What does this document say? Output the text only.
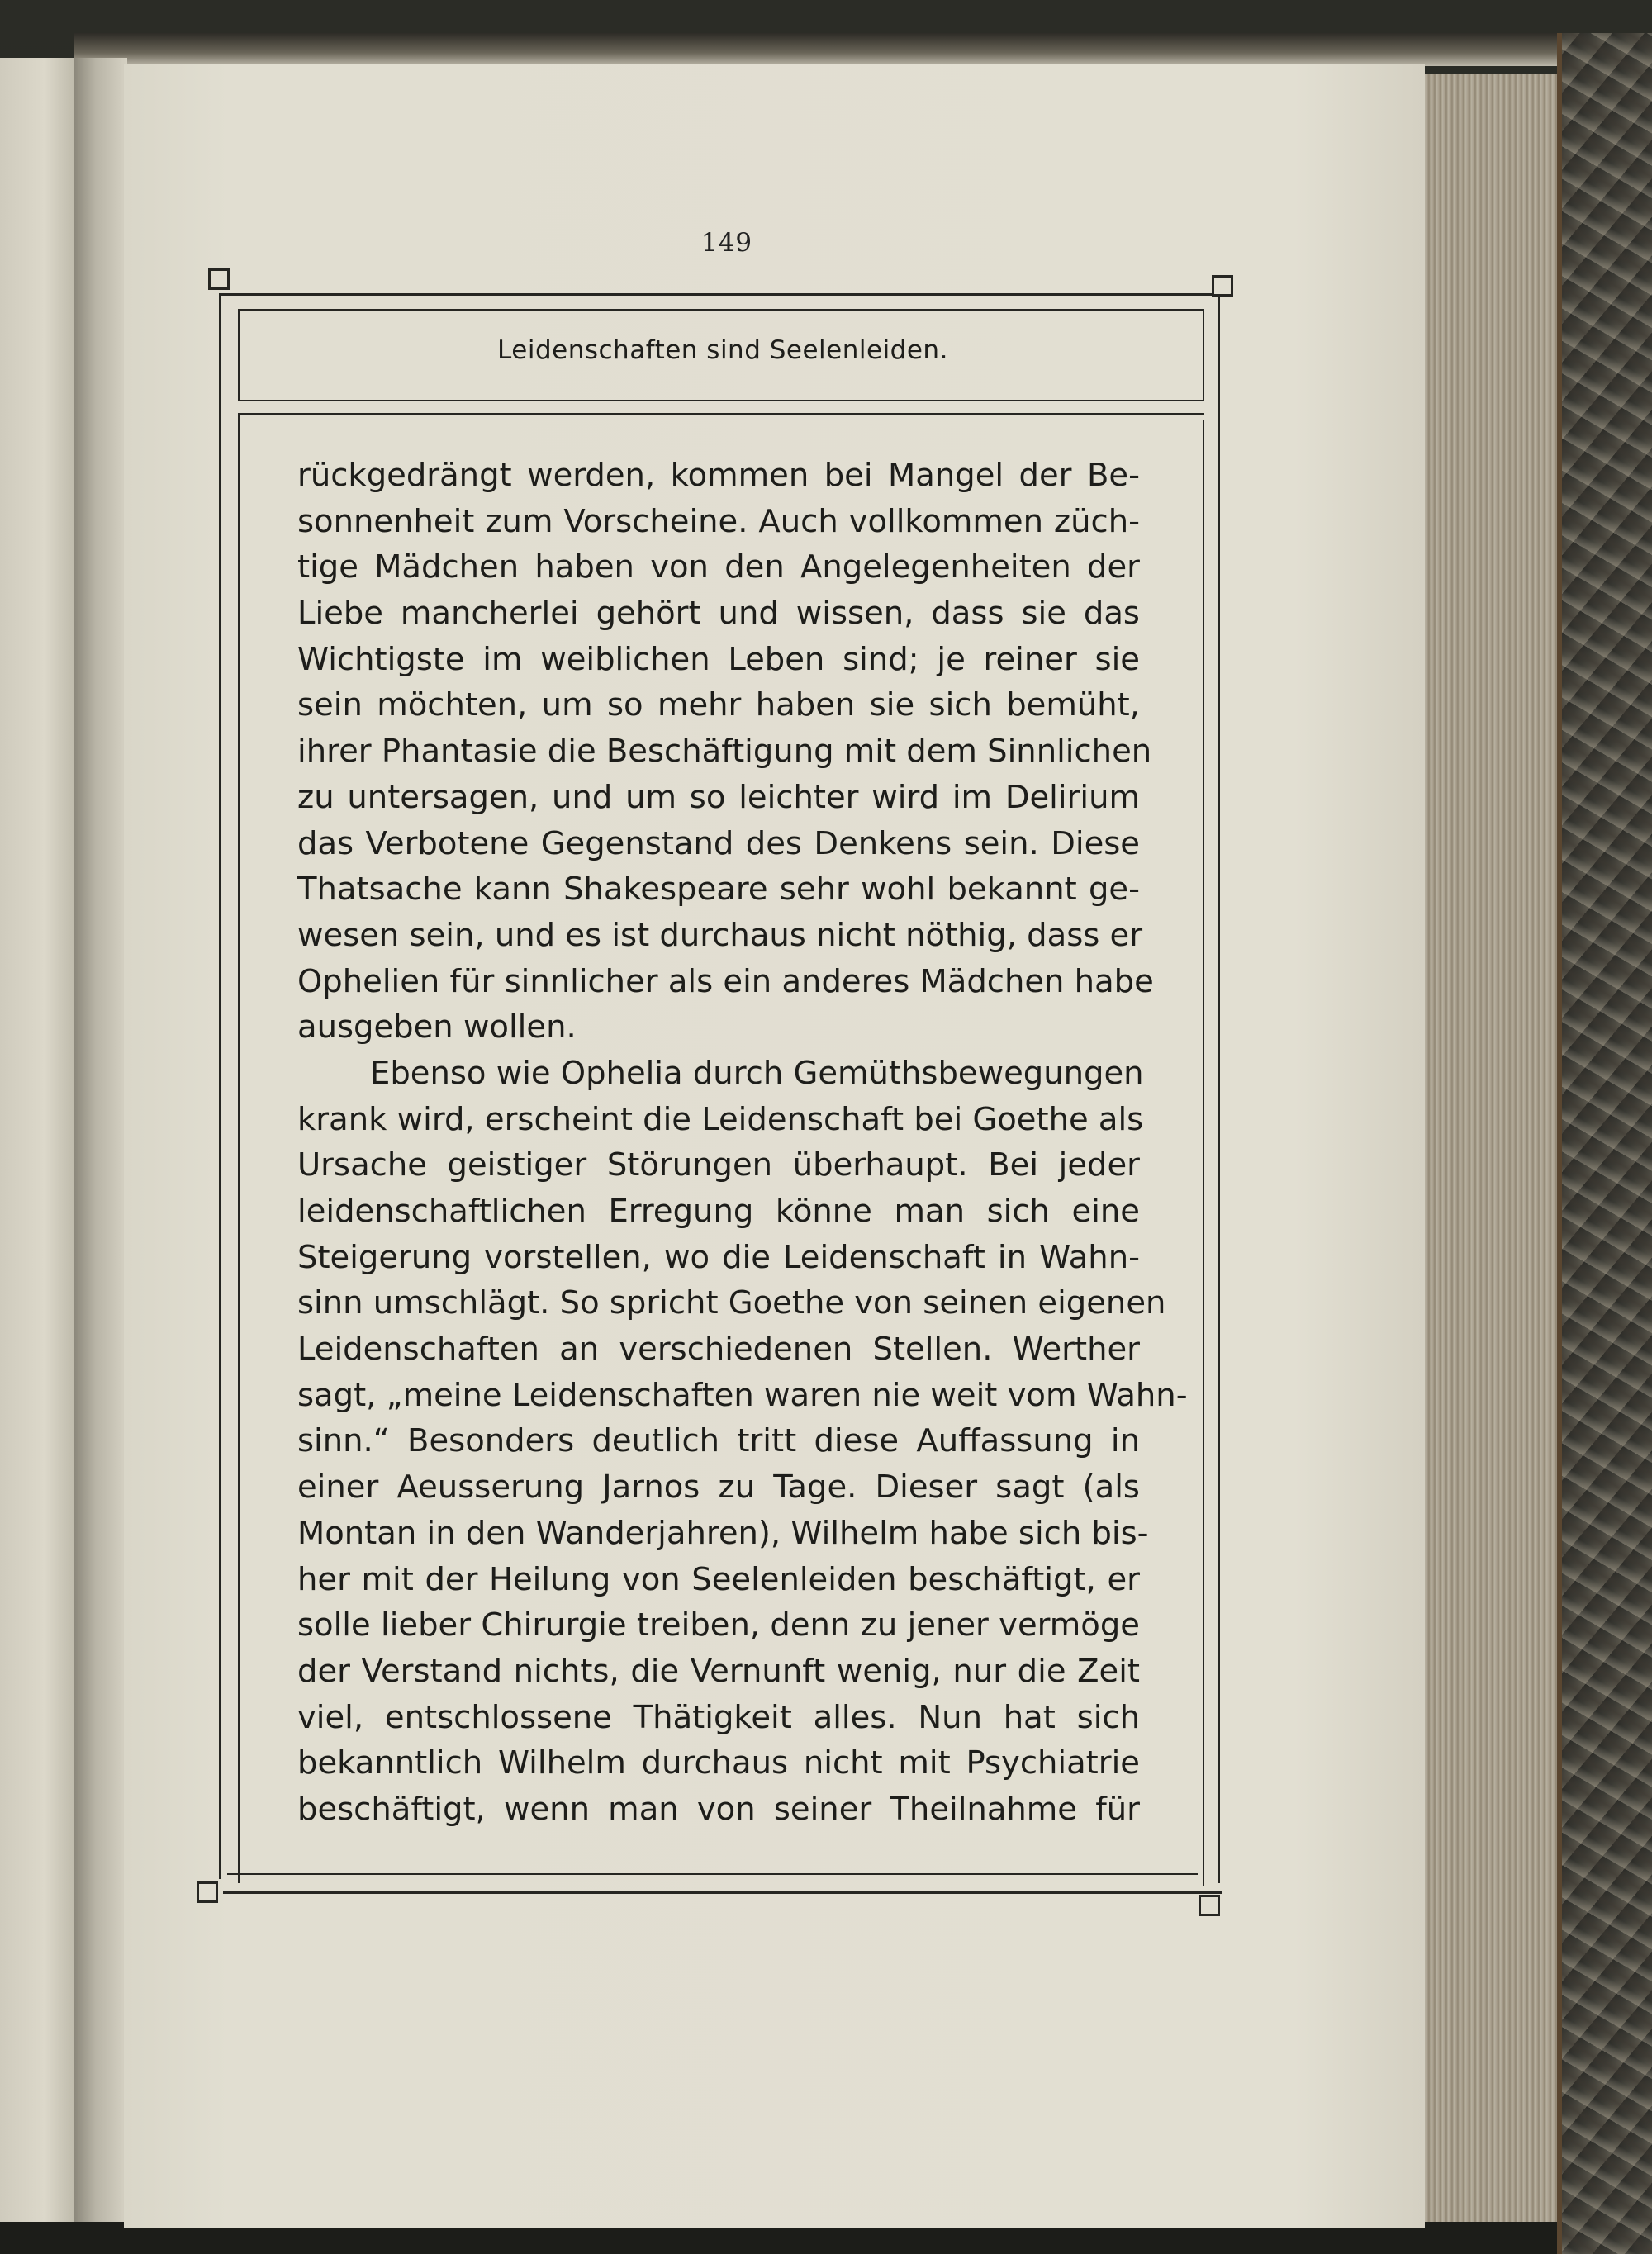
149
Leidenschaften sind Seelenleiden.
rückgedrängt werden, kommen bei Mangel der Be-
sonnenheit zum Vorscheine. Auch vollkommen züch-
tige Mädchen haben von den Angelegenheiten der
Liebe mancherlei gehört und wissen, dass sie das
Wichtigste im weiblichen Leben sind; je reiner sie
sein möchten, um so mehr haben sie sich bemüht,
ihrer Phantasie die Beschäftigung mit dem Sinnlichen
zu untersagen, und um so leichter wird im Delirium
das Verbotene Gegenstand des Denkens sein. Diese
Thatsache kann Shakespeare sehr wohl bekannt ge-
wesen sein, und es ist durchaus nicht nöthig, dass er
Ophelien für sinnlicher als ein anderes Mädchen habe
ausgeben wollen.
Ebenso wie Ophelia durch Gemüthsbewegungen
krank wird, erscheint die Leidenschaft bei Goethe als
Ursache geistiger Störungen überhaupt. Bei jeder
leidenschaftlichen Erregung könne man sich eine
Steigerung vorstellen, wo die Leidenschaft in Wahn-
sinn umschlägt. So spricht Goethe von seinen eigenen
Leidenschaften an verschiedenen Stellen. Werther
sagt, „meine Leidenschaften waren nie weit vom Wahn-
sinn.“ Besonders deutlich tritt diese Auffassung in
einer Aeusserung Jarnos zu Tage. Dieser sagt (als
Montan in den Wanderjahren), Wilhelm habe sich bis-
her mit der Heilung von Seelenleiden beschäftigt, er
solle lieber Chirurgie treiben, denn zu jener vermöge
der Verstand nichts, die Vernunft wenig, nur die Zeit
viel, entschlossene Thätigkeit alles. Nun hat sich
bekanntlich Wilhelm durchaus nicht mit Psychiatrie
beschäftigt, wenn man von seiner Theilnahme für
